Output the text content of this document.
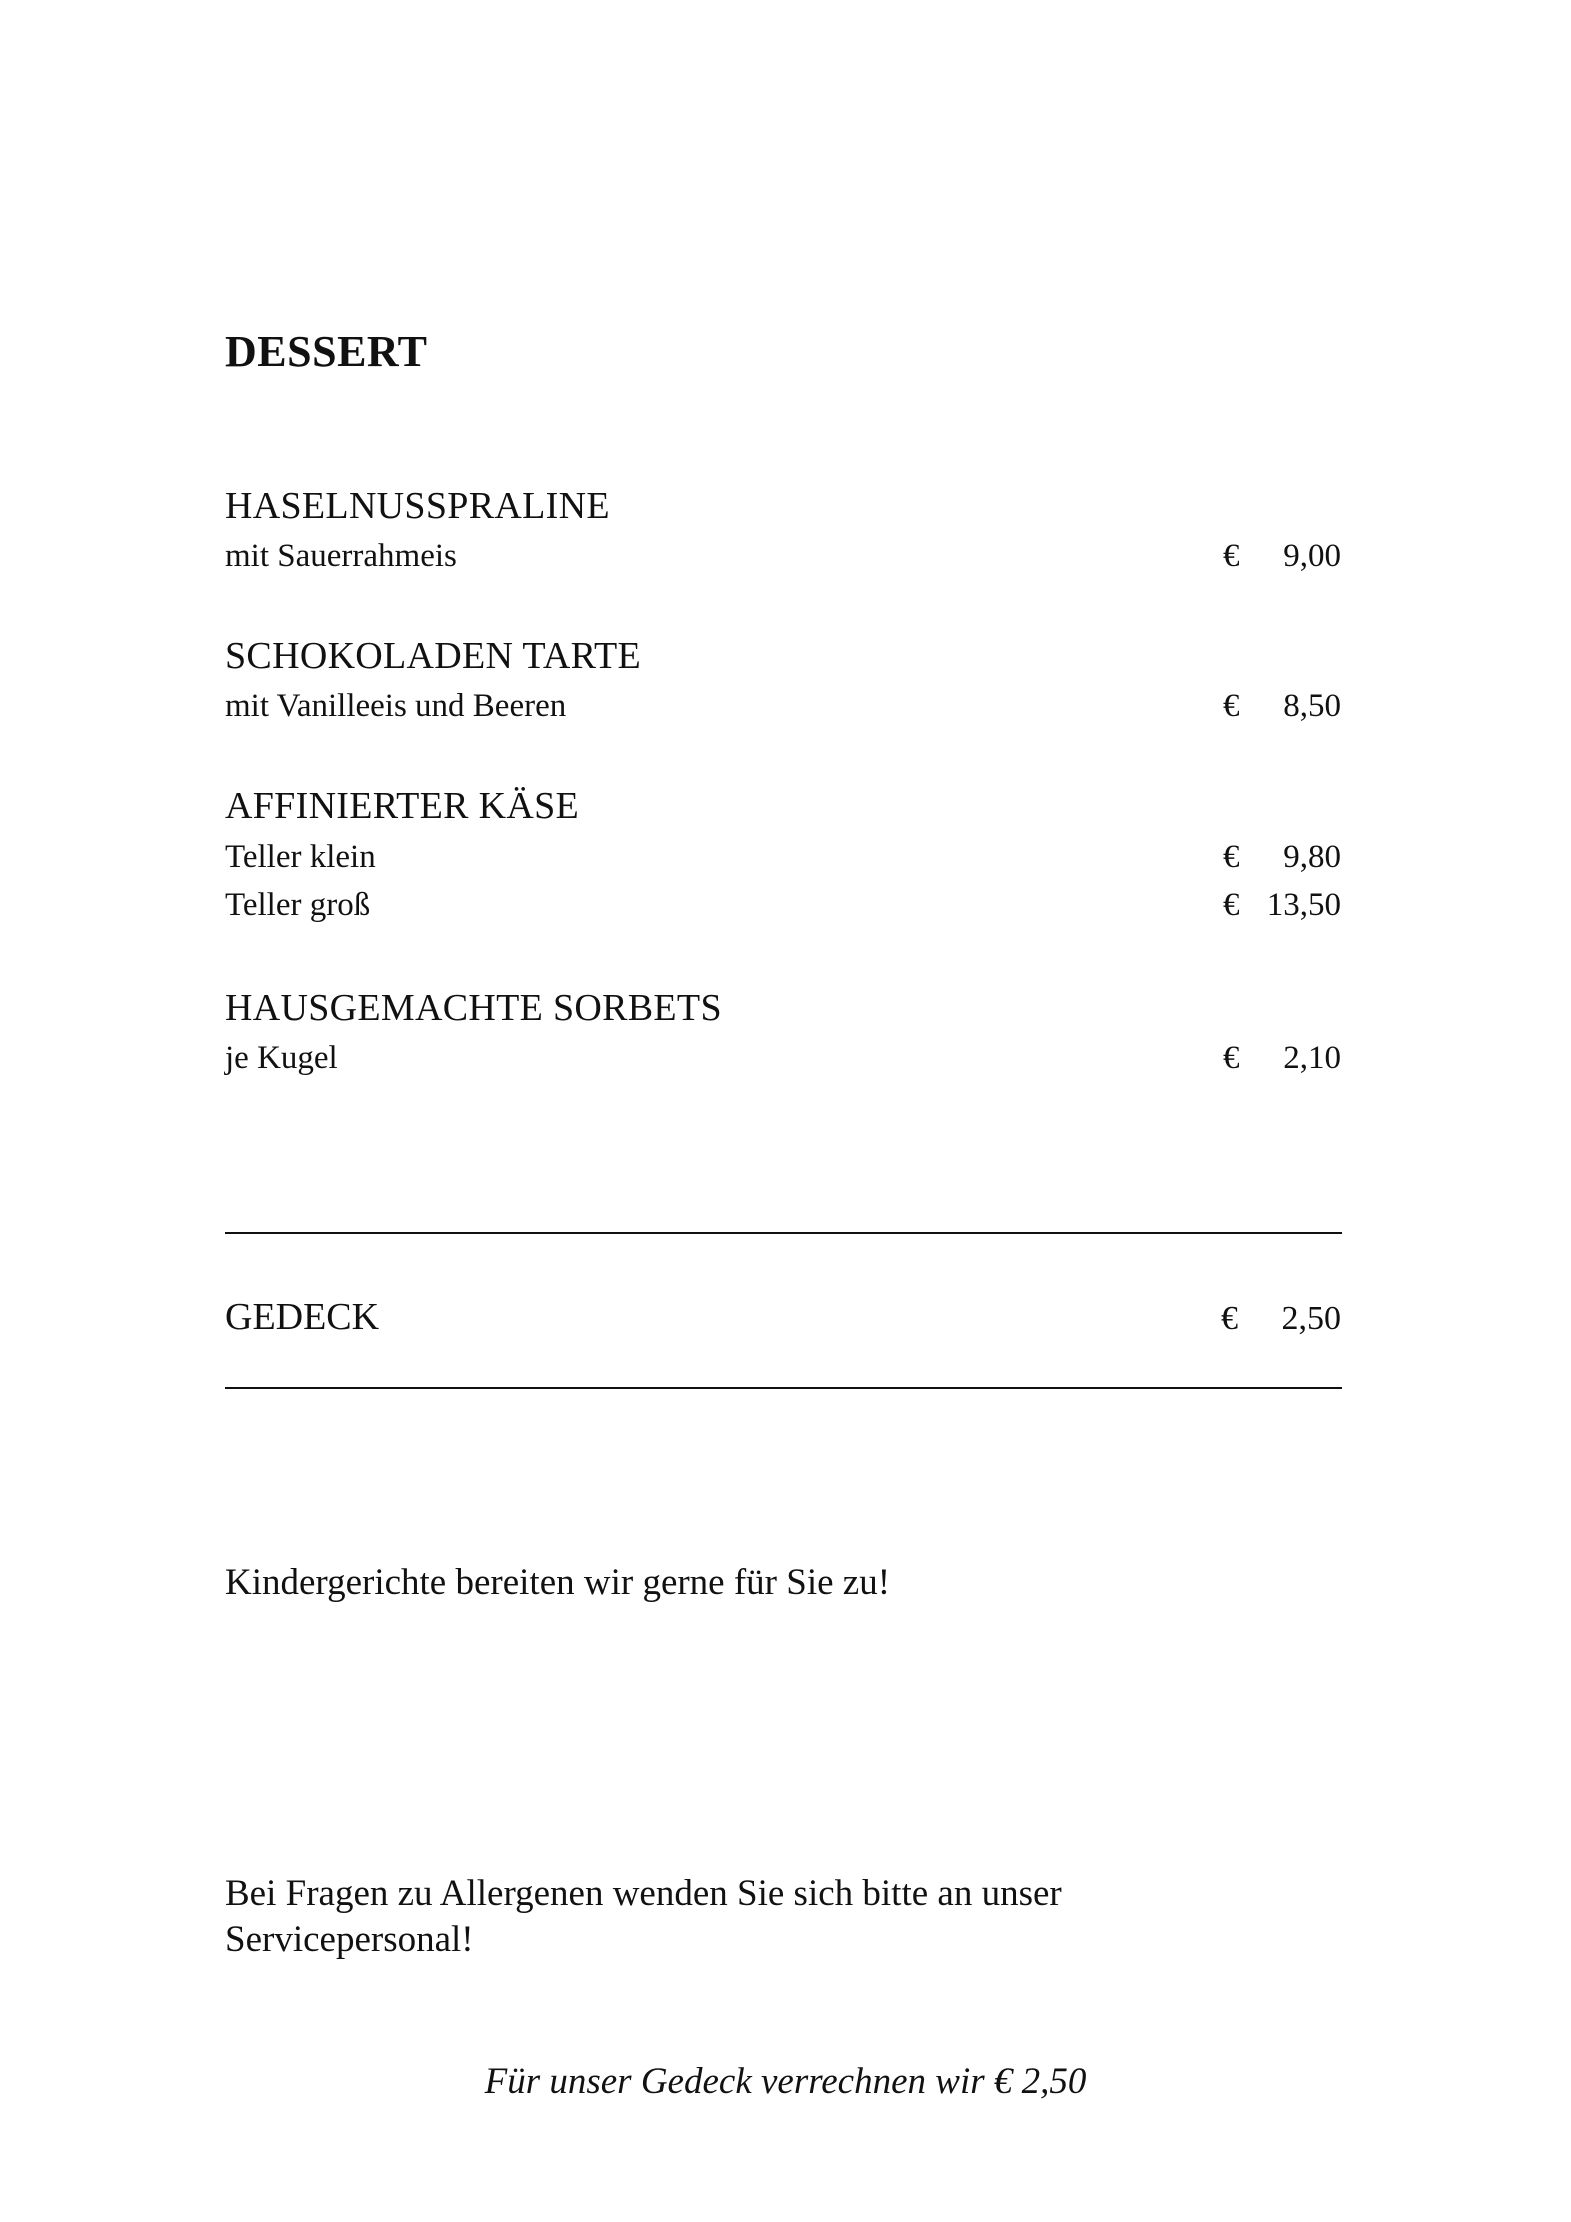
DESSERT
HASELNUSSPRALINE
mit Sauerrahmeis	€ 9,00
SCHOKOLADEN TARTE
mit Vanilleeis und Beeren	€ 8,50
AFFINIERTER KÄSE
Teller klein	€ 9,80
Teller groß	€ 13,50
HAUSGEMACHTE SORBETS
je Kugel	€ 2,10
GEDECK	€ 2,50
Kindergerichte bereiten wir gerne für Sie zu!
Bei Fragen zu Allergenen wenden Sie sich bitte an unser
Servicepersonal!
Für unser Gedeck verrechnen wir € 2,50
